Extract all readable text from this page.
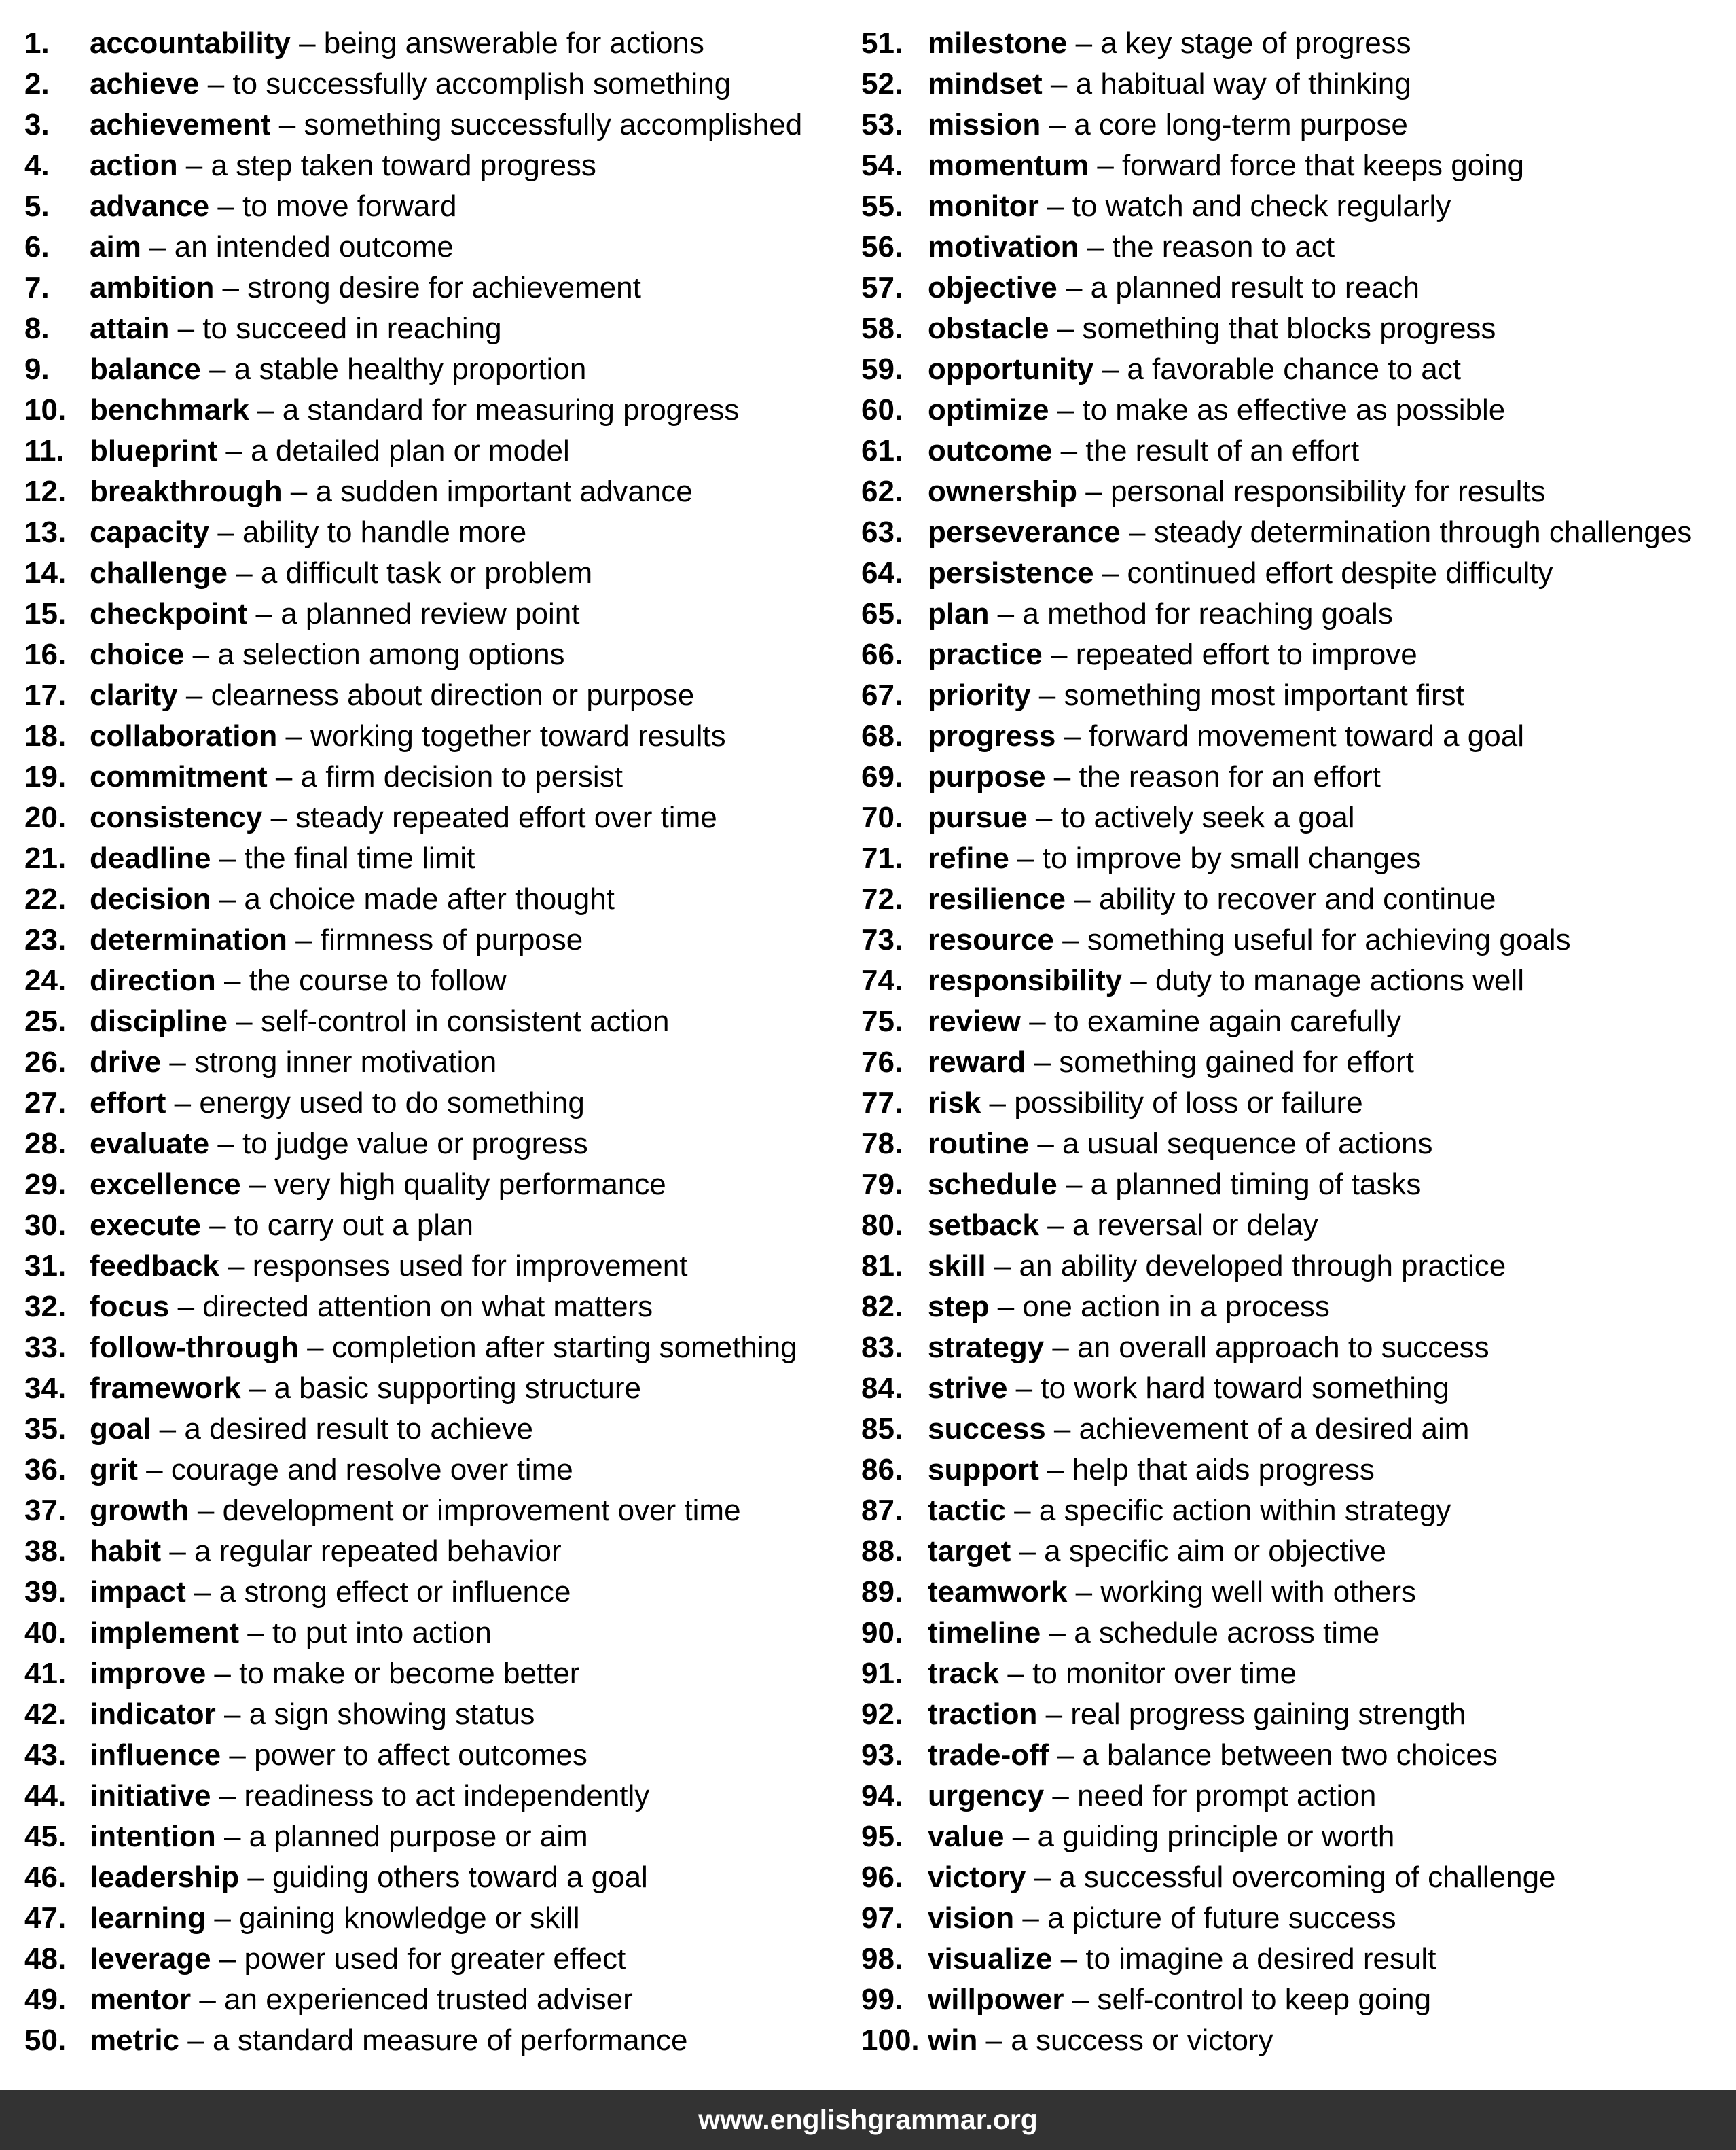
1.	accountability – being answerable for actions
2.	achieve – to successfully accomplish something
3.	achievement – something successfully accomplished
4.	action – a step taken toward progress
5.	advance – to move forward
6.	aim – an intended outcome
7.	ambition – strong desire for achievement
8.	attain – to succeed in reaching
9.	balance – a stable healthy proportion
10. benchmark – a standard for measuring progress
11. blueprint – a detailed plan or model
12. breakthrough – a sudden important advance
13. capacity – ability to handle more
14. challenge – a difficult task or problem
15. checkpoint – a planned review point
16. choice – a selection among options
17. clarity – clearness about direction or purpose
18. collaboration – working together toward results
19. commitment – a firm decision to persist
20. consistency – steady repeated effort over time
21. deadline – the final time limit
22. decision – a choice made after thought
23. determination – firmness of purpose
24. direction – the course to follow
25. discipline – self-control in consistent action
26. drive – strong inner motivation
27. effort – energy used to do something
28. evaluate – to judge value or progress
29. excellence – very high quality performance
30. execute – to carry out a plan
31. feedback – responses used for improvement
32. focus – directed attention on what matters
33. follow-through – completion after starting something
34. framework – a basic supporting structure
35. goal – a desired result to achieve
36. grit – courage and resolve over time
37. growth – development or improvement over time
38. habit – a regular repeated behavior
39. impact – a strong effect or influence
40. implement – to put into action
41. improve – to make or become better
42. indicator – a sign showing status
43. influence – power to affect outcomes
44. initiative – readiness to act independently
45. intention – a planned purpose or aim
46. leadership – guiding others toward a goal
47. learning – gaining knowledge or skill
48. leverage – power used for greater effect
49. mentor – an experienced trusted adviser
50. metric – a standard measure of performance
51. milestone – a key stage of progress
52. mindset – a habitual way of thinking
53. mission – a core long-term purpose
54. momentum – forward force that keeps going
55. monitor – to watch and check regularly
56. motivation – the reason to act
57. objective – a planned result to reach
58. obstacle – something that blocks progress
59. opportunity – a favorable chance to act
60. optimize – to make as effective as possible
61. outcome – the result of an effort
62. ownership – personal responsibility for results
63. perseverance – steady determination through challenges
64. persistence – continued effort despite difficulty
65. plan – a method for reaching goals
66. practice – repeated effort to improve
67. priority – something most important first
68. progress – forward movement toward a goal
69. purpose – the reason for an effort
70. pursue – to actively seek a goal
71. refine – to improve by small changes
72. resilience – ability to recover and continue
73. resource – something useful for achieving goals
74. responsibility – duty to manage actions well
75. review – to examine again carefully
76. reward – something gained for effort
77. risk – possibility of loss or failure
78. routine – a usual sequence of actions
79. schedule – a planned timing of tasks
80. setback – a reversal or delay
81. skill – an ability developed through practice
82. step – one action in a process
83. strategy – an overall approach to success
84. strive – to work hard toward something
85. success – achievement of a desired aim
86. support – help that aids progress
87. tactic – a specific action within strategy
88. target – a specific aim or objective
89. teamwork – working well with others
90. timeline – a schedule across time
91. track – to monitor over time
92. traction – real progress gaining strength
93. trade-off – a balance between two choices
94. urgency – need for prompt action
95. value – a guiding principle or worth
96. victory – a successful overcoming of challenge
97. vision – a picture of future success
98. visualize – to imagine a desired result
99. willpower – self-control to keep going
100. win – a success or victory
www.englishgrammar.org
